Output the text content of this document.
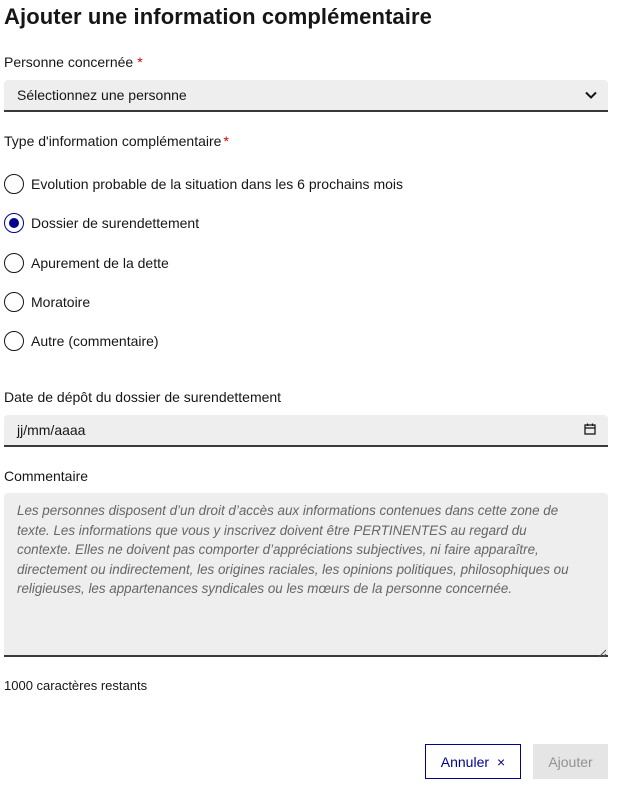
Ajouter une information complémentaire
Personne concernée *
Sélectionnez une personne
Type d'information complémentaire *
Evolution probable de la situation dans les 6 prochains mois
Dossier de surendettement
Apurement de la dette
Moratoire
Autre (commentaire)
Date de dépôt du dossier de surendettement
jj/mm/aaaa
Commentaire
Les personnes disposent d’un droit d’accès aux informations contenues dans cette zone de texte. Les informations que vous y inscrivez doivent être PERTINENTES au regard du contexte. Elles ne doivent pas comporter d’appréciations subjectives, ni faire apparaître, directement ou indirectement, les origines raciales, les opinions politiques, philosophiques ou religieuses, les appartenances syndicales ou les mœurs de la personne concernée.
1000 caractères restants
Annuler ×	Ajouter
